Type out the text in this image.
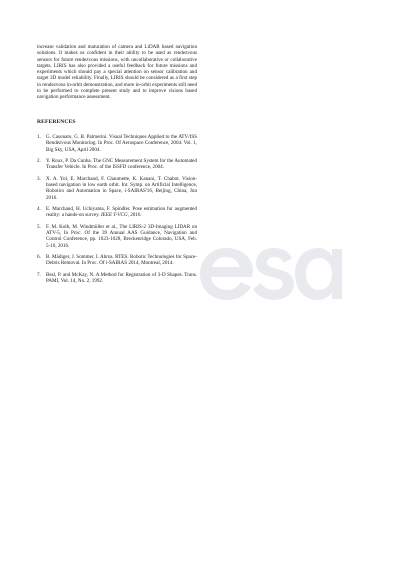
increase validation and maturation of camera and LiDAR based navigation solutions. It makes us confident in their ability to be used as rendezvous sensors for future rendezvous missions, with uncollaborative or collaborative targets. LIRIS has also provided a useful feedback for future missions and experiments which should pay a special attention on sensor calibration and target 3D model reliability. Finally, LIRIS should be considered as a first step in rendezvous in-orbit demonstration, and more in-orbit experiments still need to be performed to complete present study and to improve visions based navigation performance assessment.

REFERENCES
1.	G. Casonato, G. B. Palmerini. Visual Techniques Applied to the ATV/ISS Rendezvous Monitoring. In Proc. Of Aerospace Conference, 2004. Vol. 1, Big Sky, USA, April 2004.
2.	Y. Roux, P. Da Cunha. The GNC Measurement System for the Automated Transfer Vehicle. In Proc. of the ISSFD conference, 2004.
3.	X. A. Yol, E. Marchand, F. Chaumette, K. Kanani, T. Chabot. Vision-based navigation in low earth orbit. Int. Symp. on Artificial Intelligence, Robotics and Automation in Space, i-SAIRAS'16, Beijing, China, Jun 2016.
4.	E. Marchand, H. Uchiyama, F. Spindler. Pose estimation for augmented reality: a hands-on survey. IEEE T-VCG, 2016.
5.	F. M. Kolb, M. Windmüller et al., The LIRIS-2 3D-Imaging LIDAR on ATV-5, In Proc. Of the 39 Annual AAS Guidance, Navigation and Control Conference, pp. 1023-1028, Breckenridge Colorado, USA, Feb. 5-10, 2016.
6.	B. Mädiger, J. Sommer, I. Ahrns. RTES: Robotic Technologies for Space-Debris Removal. In Proc. Of i-SAIRAS 2014, Montreal, 2014.
7.	Besl, P. and McKay, N. A Method for Registration of 3-D Shapes. Trans. PAMI, Vol. 14, No. 2, 1992.
